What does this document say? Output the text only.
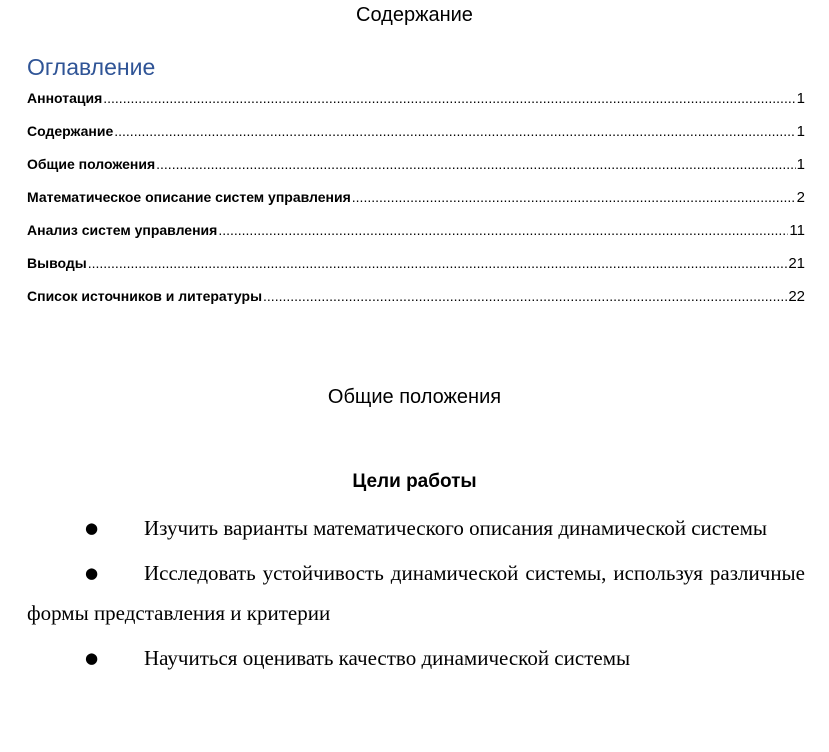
Содержание
Оглавление
Аннотация .....	1
Содержание .....	1
Общие положения .....	1
Математическое описание систем управления .....	2
Анализ систем управления .....	11
Выводы .....	21
Список источников и литературы .....	22
Общие положения
Цели работы
● Изучить варианты математического описания динамической системы
● Исследовать устойчивость динамической системы, используя различные формы представления и критерии
● Научиться оценивать качество динамической системы
